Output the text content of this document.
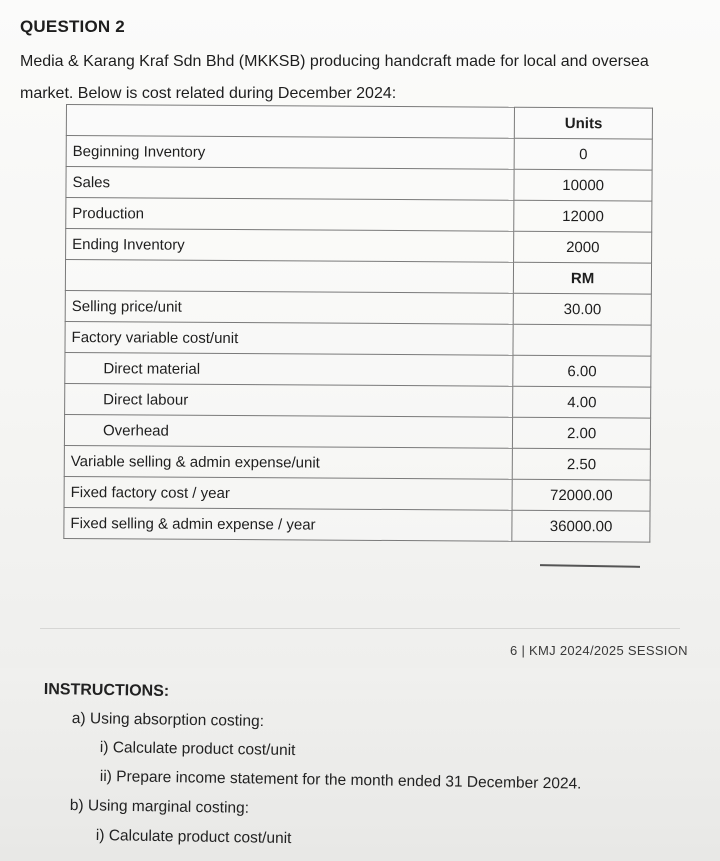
QUESTION 2
Media & Karang Kraf Sdn Bhd (MKKSB) producing handcraft made for local and oversea
market. Below is cost related during December 2024:
	Units
Beginning Inventory	0
Sales	10000
Production	12000
Ending Inventory	2000
	RM
Selling price/unit	30.00
Factory variable cost/unit	
Direct material	6.00
Direct labour	4.00
Overhead	2.00
Variable selling & admin expense/unit	2.50
Fixed factory cost / year	72000.00
Fixed selling & admin expense / year	36000.00
6 | KMJ 2024/2025 SESSION
INSTRUCTIONS:
a) Using absorption costing:
i) Calculate product cost/unit
ii) Prepare income statement for the month ended 31 December 2024.
b) Using marginal costing:
i) Calculate product cost/unit
